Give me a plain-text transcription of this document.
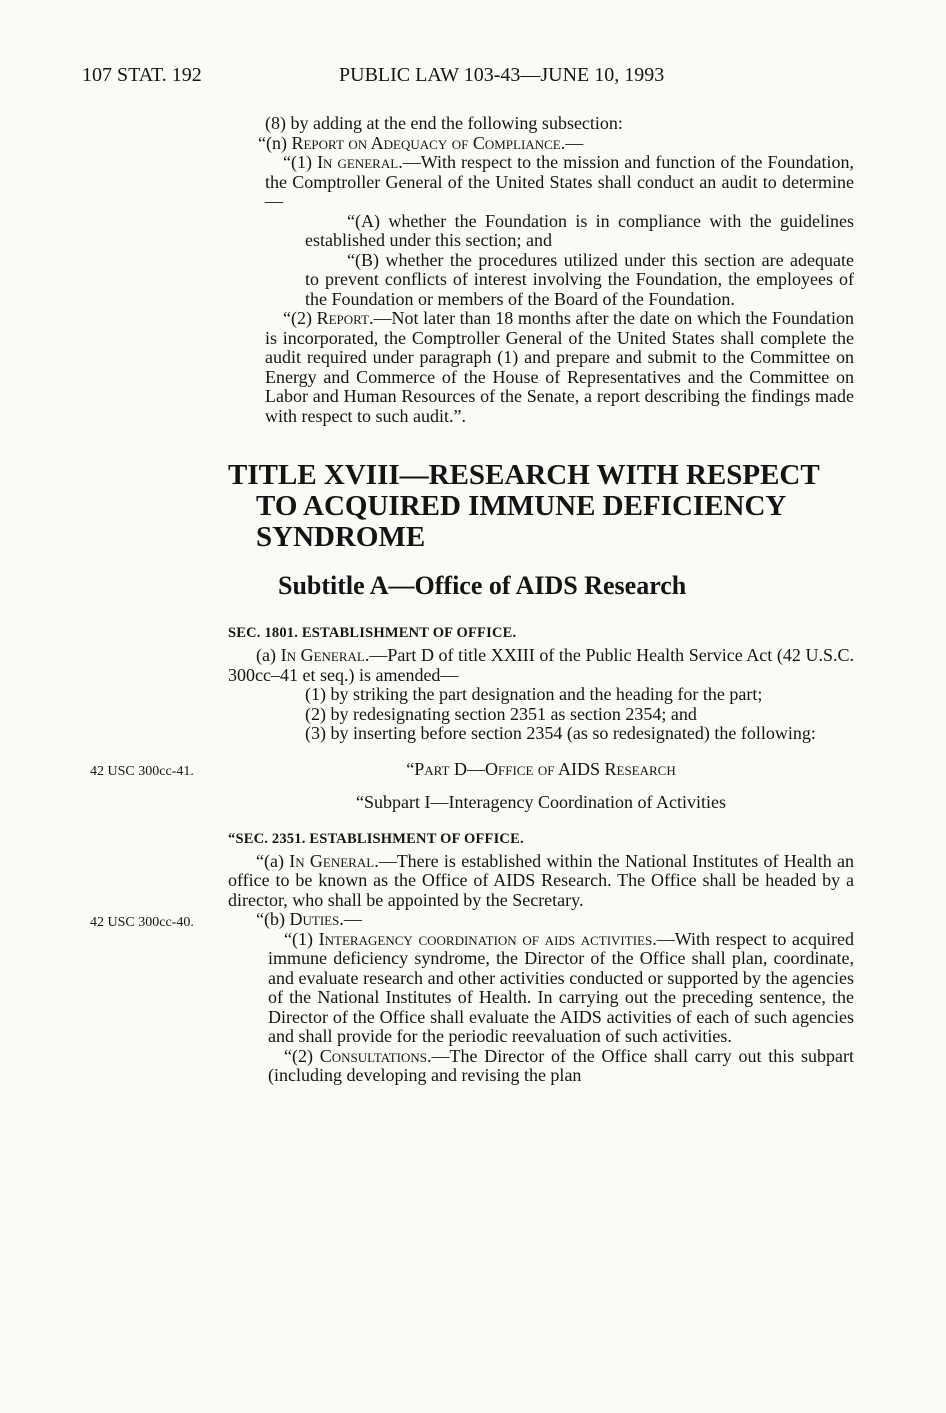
107 STAT. 192	PUBLIC LAW 103-43—JUNE 10, 1993
42 USC 300cc-41.
42 USC 300cc-40.

(8) by adding at the end the following subsection:

“(n) Report on Adequacy of Compliance.—

“(1) In general.—With respect to the mission and function of the Foundation, the Comptroller General of the United States shall conduct an audit to determine—

“(A) whether the Foundation is in compliance with the guidelines established under this section; and

“(B) whether the procedures utilized under this section are adequate to prevent conflicts of interest involving the Foundation, the employees of the Foundation or members of the Board of the Foundation.

“(2) Report.—Not later than 18 months after the date on which the Foundation is incorporated, the Comptroller General of the United States shall complete the audit required under paragraph (1) and prepare and submit to the Committee on Energy and Commerce of the House of Representatives and the Committee on Labor and Human Resources of the Senate, a report describing the findings made with respect to such audit.”.

TITLE XVIII—RESEARCH WITH RESPECT
TO ACQUIRED IMMUNE DEFICIENCY
SYNDROME
Subtitle A—Office of AIDS Research
SEC. 1801. ESTABLISHMENT OF OFFICE.

(a) In General.—Part D of title XXIII of the Public Health Service Act (42 U.S.C. 300cc–41 et seq.) is amended—

(1) by striking the part designation and the heading for the part;

(2) by redesignating section 2351 as section 2354; and

(3) by inserting before section 2354 (as so redesignated) the following:

“Part D—Office of AIDS Research

“Subpart I—Interagency Coordination of Activities

“SEC. 2351. ESTABLISHMENT OF OFFICE.

“(a) In General.—There is established within the National Institutes of Health an office to be known as the Office of AIDS Research. The Office shall be headed by a director, who shall be appointed by the Secretary.

“(b) Duties.—

“(1) Interagency coordination of aids activities.—With respect to acquired immune deficiency syndrome, the Director of the Office shall plan, coordinate, and evaluate research and other activities conducted or supported by the agencies of the National Institutes of Health. In carrying out the preceding sentence, the Director of the Office shall evaluate the AIDS activities of each of such agencies and shall provide for the periodic reevaluation of such activities.

“(2) Consultations.—The Director of the Office shall carry out this subpart (including developing and revising the plan
